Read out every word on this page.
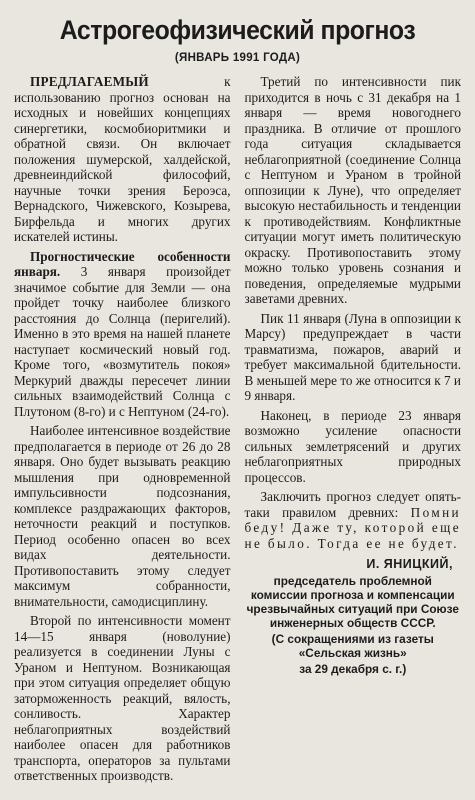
Астрогеофизический прогноз
(ЯНВАРЬ 1991 ГОДА)

ПРЕДЛАГАЕМЫЙ к использованию прогноз основан на исходных и новейших концепциях синергетики, космобиоритмики и обратной связи. Он включает положения шумерской, халдейской, древнеиндийской философий, научные точки зрения Бероэса, Вернадского, Чижевского, Козырева, Бирфельда и многих других искателей истины.

Прогностические особенности января. 3 января произойдет значимое событие для Земли — она пройдет точку наиболее близкого расстояния до Солнца (перигелий). Именно в это время на нашей планете наступает космический новый год. Кроме того, «возмутитель покоя» Меркурий дважды пересечет линии сильных взаимодействий Солнца с Плутоном (8-го) и с Нептуном (24-го).

Наиболее интенсивное воздействие предполагается в периоде от 26 до 28 января. Оно будет вызывать реакцию мышления при одновременной импульсивности подсознания, комплексе раздражающих факторов, неточности реакций и поступков. Период особенно опасен во всех видах деятельности. Противопоставить этому следует максимум собранности, внимательности, самодисциплину.

Второй по интенсивности момент 14—15 января (новолуние) реализуется в соединении Луны с Ураном и Нептуном. Возникающая при этом ситуация определяет общую заторможенность реакций, вялость, сонливость. Характер неблагоприятных воздействий наиболее опасен для работников транспорта, операторов за пультами ответственных производств.

Третий по интенсивности пик приходится в ночь с 31 декабря на 1 января — время новогоднего праздника. В отличие от прошлого года ситуация складывается неблагоприятной (соединение Солнца с Нептуном и Ураном в тройной оппозиции к Луне), что определяет высокую нестабильность и тенденции к противодействиям. Конфликтные ситуации могут иметь политическую окраску. Противопоставить этому можно только уровень сознания и поведения, определяемые мудрыми заветами древних.

Пик 11 января (Луна в оппозиции к Марсу) предупреждает в части травматизма, пожаров, аварий и требует максимальной бдительности. В меньшей мере то же относится к 7 и 9 января.

Наконец, в периоде 23 января возможно усиление опасности сильных землетрясений и других неблагоприятных природных процессов.

Заключить прогноз следует опять-таки правилом древних: Помни беду! Даже ту, которой еще не было. Тогда ее не будет.

И. ЯНИЦКИЙ,
председатель проблемной комиссии прогноза и компенсации чрезвычайных ситуаций при Союзе инженерных обществ СССР.
(С сокращениями из газеты «Сельская жизнь»
за 29 декабря с. г.)
